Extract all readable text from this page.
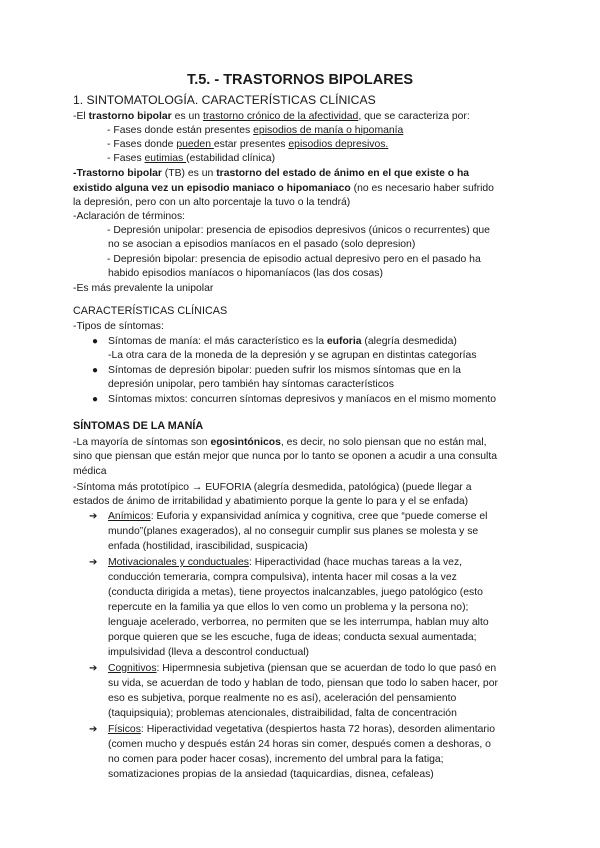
T.5. - TRASTORNOS BIPOLARES
1. SINTOMATOLOGÍA. CARACTERÍSTICAS CLÍNICAS
-El trastorno bipolar es un trastorno crónico de la afectividad, que se caracteriza por:
- Fases donde están presentes episodios de manía o hipomanía
- Fases donde pueden estar presentes episodios depresivos.
- Fases eutimias (estabilidad clínica)
-Trastorno bipolar (TB) es un trastorno del estado de ánimo en el que existe o ha
existido alguna vez un episodio maniaco o hipomaniaco (no es necesario haber sufrido
la depresión, pero con un alto porcentaje la tuvo o la tendrá)
-Aclaración de términos:
- Depresión unipolar: presencia de episodios depresivos (únicos o recurrentes) que
no se asocian a episodios maníacos en el pasado (solo depresion)
- Depresión bipolar: presencia de episodio actual depresivo pero en el pasado ha
habido episodios maníacos o hipomaníacos (las dos cosas)
-Es más prevalente la unipolar
CARACTERÍSTICAS CLÍNICAS
-Tipos de síntomas:
● Síntomas de manía: el más característico es la euforia (alegría desmedida)
-La otra cara de la moneda de la depresión y se agrupan en distintas categorías
● Síntomas de depresión bipolar: pueden sufrir los mismos síntomas que en la
depresión unipolar, pero también hay síntomas característicos
● Síntomas mixtos: concurren síntomas depresivos y maníacos en el mismo momento
SÍNTOMAS DE LA MANÍA
-La mayoría de síntomas son egosintónicos, es decir, no solo piensan que no están mal,
sino que piensan que están mejor que nunca por lo tanto se oponen a acudir a una consulta
médica
-Síntoma más prototípico → EUFORIA (alegría desmedida, patológica) (puede llegar a
estados de ánimo de irritabilidad y abatimiento porque la gente lo para y el se enfada)
➔ Anímicos: Euforia y expansividad anímica y cognitiva, cree que “puede comerse el
mundo”(planes exagerados), al no conseguir cumplir sus planes se molesta y se
enfada (hostilidad, irascibilidad, suspicacia)
➔ Motivacionales y conductuales: Hiperactividad (hace muchas tareas a la vez,
conducción temeraria, compra compulsiva), intenta hacer mil cosas a la vez
(conducta dirigida a metas), tiene proyectos inalcanzables, juego patológico (esto
repercute en la familia ya que ellos lo ven como un problema y la persona no);
lenguaje acelerado, verborrea, no permiten que se les interrumpa, hablan muy alto
porque quieren que se les escuche, fuga de ideas; conducta sexual aumentada;
impulsividad (lleva a descontrol conductual)
➔ Cognitivos: Hipermnesia subjetiva (piensan que se acuerdan de todo lo que pasó en
su vida, se acuerdan de todo y hablan de todo, piensan que todo lo saben hacer, por
eso es subjetiva, porque realmente no es así), aceleración del pensamiento
(taquipsiquia); problemas atencionales, distraibilidad, falta de concentración
➔ Físicos: Hiperactividad vegetativa (despiertos hasta 72 horas), desorden alimentario
(comen mucho y después están 24 horas sin comer, después comen a deshoras, o
no comen para poder hacer cosas), incremento del umbral para la fatiga;
somatizaciones propias de la ansiedad (taquicardias, disnea, cefaleas)
